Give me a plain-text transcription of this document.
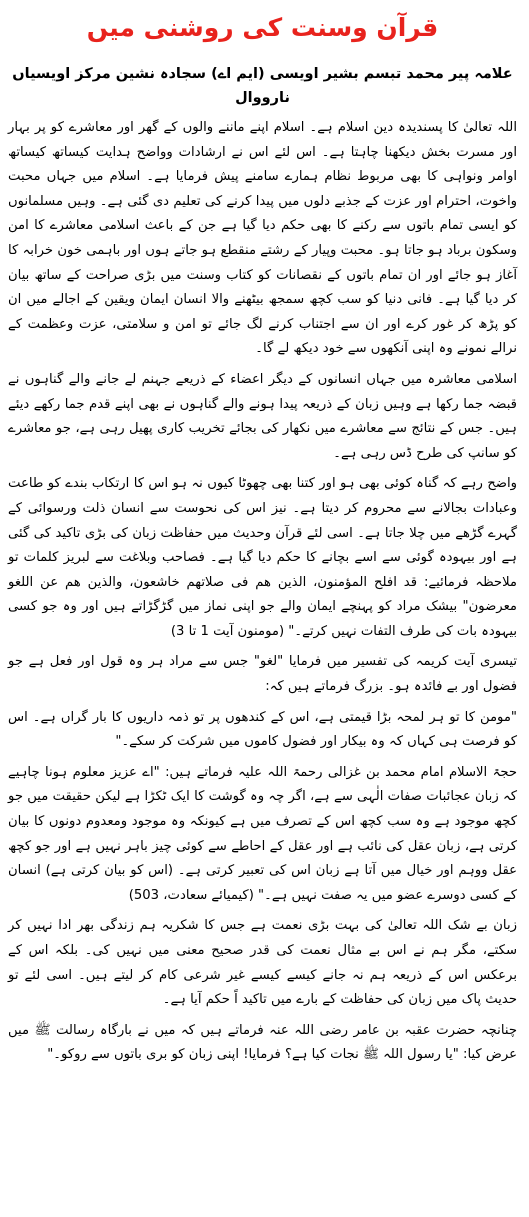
قرآن وسنت کی روشنی میں
علامہ پیر محمد تبسم بشیر اویسی (ایم اے) سجادہ نشین مرکز اویسیاں نارووال

اللہ تعالیٰ کا پسندیدہ دین اسلام ہے۔ اسلام اپنے ماننے والوں کے گھر اور معاشرے کو پر بہار اور مسرت بخش دیکھنا چاہتا ہے۔ اس لئے اس نے ارشادات وواضح ہدایت کیساتھ کیساتھ اوامر ونواہی کا بھی مربوط نظام ہمارے سامنے پیش فرمایا ہے۔ اسلام میں جہاں محبت واخوت، احترام اور عزت کے جذبے دلوں میں پیدا کرنے کی تعلیم دی گئی ہے۔ وہیں مسلمانوں کو ایسی تمام باتوں سے رکنے کا بھی حکم دیا گیا ہے جن کے باعث اسلامی معاشرے کا امن وسکون برباد ہو جاتا ہو۔ محبت وپیار کے رشتے منقطع ہو جاتے ہوں اور باہمی خون خرابہ کا آغاز ہو جائے اور ان تمام باتوں کے نقصانات کو کتاب وسنت میں بڑی صراحت کے ساتھ بیان کر دیا گیا ہے۔ فانی دنیا کو سب کچھ سمجھ بیٹھنے والا انسان ایمان ویقین کے اجالے میں ان کو پڑھ کر غور کرے اور ان سے اجتناب کرنے لگ جائے تو امن و سلامتی، عزت وعظمت کے نرالے نمونے وہ اپنی آنکھوں سے خود دیکھ لے گا۔

اسلامی معاشرہ میں جہاں انسانوں کے دیگر اعضاء کے ذریعے جہنم لے جانے والے گناہوں نے قبضہ جما رکھا ہے وہیں زبان کے ذریعہ پیدا ہونے والے گناہوں نے بھی اپنے قدم جما رکھے دیئے ہیں۔ جس کے نتائج سے معاشرے میں نکھار کی بجائے تخریب کاری پھیل رہی ہے، جو معاشرے کو سانپ کی طرح ڈس رہی ہے۔

واضح رہے کہ گناہ کوئی بھی ہو اور کتنا بھی چھوٹا کیوں نہ ہو اس کا ارتکاب بندے کو طاعت وعبادات بجالانے سے محروم کر دیتا ہے۔ نیز اس کی نحوست سے انسان ذلت ورسوائی کے گہرے گڑھے میں چلا جاتا ہے۔ اسی لئے قرآن وحدیث میں حفاظت زبان کی بڑی تاکید کی گئی ہے اور بیہودہ گوئی سے اسے بچانے کا حکم دیا گیا ہے۔ فصاحب وبلاغت سے لبریز کلمات تو ملاحظہ فرمائیے: قد افلح المؤمنون، الذین ھم فی صلاتھم خاشعون، والذین ھم عن اللغو معرضون" بیشک مراد کو پہنچے ایمان والے جو اپنی نماز میں گڑگڑاتے ہیں اور وہ جو کسی بیہودہ بات کی طرف التفات نہیں کرتے۔" (مومنون آیت 1 تا 3)

تیسری آیت کریمہ کی تفسیر میں فرمایا "لغو" جس سے مراد ہر وہ قول اور فعل ہے جو فضول اور بے فائدہ ہو۔ بزرگ فرماتے ہیں کہ:

"مومن کا تو ہر لمحہ بڑا قیمتی ہے، اس کے کندھوں پر تو ذمہ داریوں کا بار گراں ہے۔ اس کو فرصت ہی کہاں کہ وہ بیکار اور فضول کاموں میں شرکت کر سکے۔"

حجۃ الاسلام امام محمد بن غزالی رحمۃ اللہ علیہ فرماتے ہیں: "اے عزیز معلوم ہونا چاہیے کہ زبان عجائبات صفات الٰہی سے ہے، اگر چہ وہ گوشت کا ایک ٹکڑا ہے لیکن حقیقت میں جو کچھ موجود ہے وہ سب کچھ اس کے تصرف میں ہے کیونکہ وہ موجود ومعدوم دونوں کا بیان کرتی ہے، زبان عقل کی نائب ہے اور عقل کے احاطے سے کوئی چیز باہر نہیں ہے اور جو کچھ عقل ووہم اور خیال میں آتا ہے زبان اس کی تعبیر کرتی ہے۔ (اس کو بیان کرتی ہے) انسان کے کسی دوسرے عضو میں یہ صفت نہیں ہے۔" (کیمیائے سعادت، 503)

زبان بے شک اللہ تعالیٰ کی بہت بڑی نعمت ہے جس کا شکریہ ہم زندگی بھر ادا نہیں کر سکتے، مگر ہم نے اس بے مثال نعمت کی قدر صحیح معنی میں نہیں کی۔ بلکہ اس کے برعکس اس کے ذریعہ ہم نہ جانے کیسے کیسے غیر شرعی کام کر لیتے ہیں۔ اسی لئے تو حدیث پاک میں زبان کی حفاظت کے بارے میں تاکید اً حکم آیا ہے۔

چنانچہ حضرت عقبہ بن عامر رضی اللہ عنہ فرماتے ہیں کہ میں نے بارگاہ رسالت ﷺ میں عرض کیا: "یا رسول اللہ ﷺ نجات کیا ہے؟ فرمایا! اپنی زبان کو بری باتوں سے روکو۔"
